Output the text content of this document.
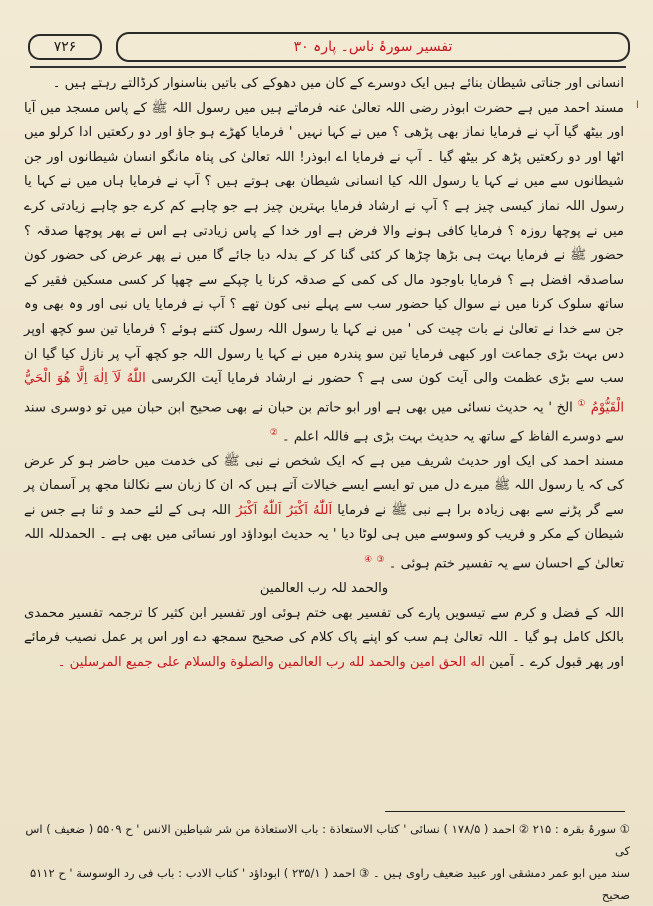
۷۲۶	تفسیر سورۂ ناس۔ پارہ ۳۰
ا

انسانی اور جناتی شیطان بنائے ہیں ایک دوسرے کے کان میں دھوکے کی باتیں بناسنوار کرڈالتے رہتے ہیں ۔

مسند احمد میں ہے حضرت ابوذر رضی اللہ تعالیٰ عنہ فرماتے ہیں میں رسول اللہ ﷺ کے پاس مسجد میں آیا اور بیٹھ گیا آپ نے فرمایا نماز بھی پڑھی ؟ میں نے کہا نہیں ' فرمایا کھڑے ہو جاؤ اور دو رکعتیں ادا کرلو میں اٹھا اور دو رکعتیں پڑھ کر بیٹھ گیا ۔ آپ نے فرمایا اے ابوذر! اللہ تعالیٰ کی پناہ مانگو انسان شیطانوں اور جن شیطانوں سے میں نے کہا یا رسول اللہ کیا انسانی شیطان بھی ہوتے ہیں ؟ آپ نے فرمایا ہاں میں نے کہا یا رسول اللہ نماز کیسی چیز ہے ؟ آپ نے ارشاد فرمایا بہترین چیز ہے جو چاہے کم کرے جو چاہے زیادتی کرے میں نے پوچھا روزہ ؟ فرمایا کافی ہونے والا فرض ہے اور خدا کے پاس زیادتی ہے اس نے پھر پوچھا صدقہ ؟ حضور ﷺ نے فرمایا بہت ہی بڑھا چڑھا کر کئی گنا کر کے بدلہ دیا جائے گا میں نے پھر عرض کی حضور کون ساصدقہ افضل ہے ؟ فرمایا باوجود مال کی کمی کے صدقہ کرنا یا چپکے سے چھپا کر کسی مسکین فقیر کے ساتھ سلوک کرنا میں نے سوال کیا حضور سب سے پہلے نبی کون تھے ؟ آپ نے فرمایا یاں نبی اور وہ بھی وہ جن سے خدا نے تعالیٰ نے بات چیت کی ' میں نے کہا یا رسول اللہ رسول کتنے ہوئے ؟ فرمایا تین سو کچھ اوپر دس بہت بڑی جماعت اور کبھی فرمایا تین سو پندرہ میں نے کہا یا رسول اللہ جو کچھ آپ پر نازل کیا گیا ان سب سے بڑی عظمت والی آیت کون سی ہے ؟ حضور نے ارشاد فرمایا آیت الکرسی اللّٰهُ لَآ اِلٰهَ اِلَّا هُوَ الْحَيُّ الْقَيُّوْمُ ① الخ ' یہ حدیث نسائی میں بھی ہے اور ابو حاتم بن حبان نے بھی صحیح ابن حبان میں تو دوسری سند سے دوسرے الفاظ کے ساتھ یہ حدیث بہت بڑی ہے فاللہ اعلم ۔ ②

مسند احمد کی ایک اور حدیث شریف میں ہے کہ ایک شخص نے نبی ﷺ کی خدمت میں حاضر ہو کر عرض کی کہ یا رسول اللہ ﷺ میرے دل میں تو ایسے ایسے خیالات آتے ہیں کہ ان کا زبان سے نکالنا مجھ پر آسمان پر سے گر پڑنے سے بھی زیادہ برا ہے نبی ﷺ نے فرمایا اَللّٰهُ اَكْبَرُ اَللّٰهُ اَكْبَرُ اللہ ہی کے لئے حمد و ثنا ہے جس نے شیطان کے مکر و فریب کو وسوسے میں ہی لوٹا دیا ' یہ حدیث ابوداؤد اور نسائی میں بھی ہے ۔ الحمدللہ اللہ تعالیٰ کے احسان سے یہ تفسیر ختم ہوئی ۔ ③ ④

والحمد للہ رب العالمین

اللہ کے فضل و کرم سے تیسویں پارے کی تفسیر بھی ختم ہوئی اور تفسیر ابن کثیر کا ترجمہ تفسیر محمدی بالکل کامل ہو گیا ۔ اللہ تعالیٰ ہم سب کو اپنے پاک کلام کی صحیح سمجھ دے اور اس پر عمل نصیب فرمائے اور پھر قبول کرے ۔ آمین اله الحق امين والحمد لله رب العالمين والصلوة والسلام على جميع المرسلين ۔

① سورۂ بقرہ : ۲۱۵ ② احمد ( ۱۷۸/۵ ) نسائی ' کتاب الاستعاذة : باب الاستعاذة من شر شياطين الانس ' ح ۵۵۰۹ ( ضعیف ) اس کی

سند میں ابو عمر دمشقی اور عبید ضعیف راوی ہیں ۔ ③ احمد ( ۲۳۵/۱ ) ابوداؤد ' کتاب الادب : باب فی رد الوسوسة ' ح ۵۱۱۲ صحیح
